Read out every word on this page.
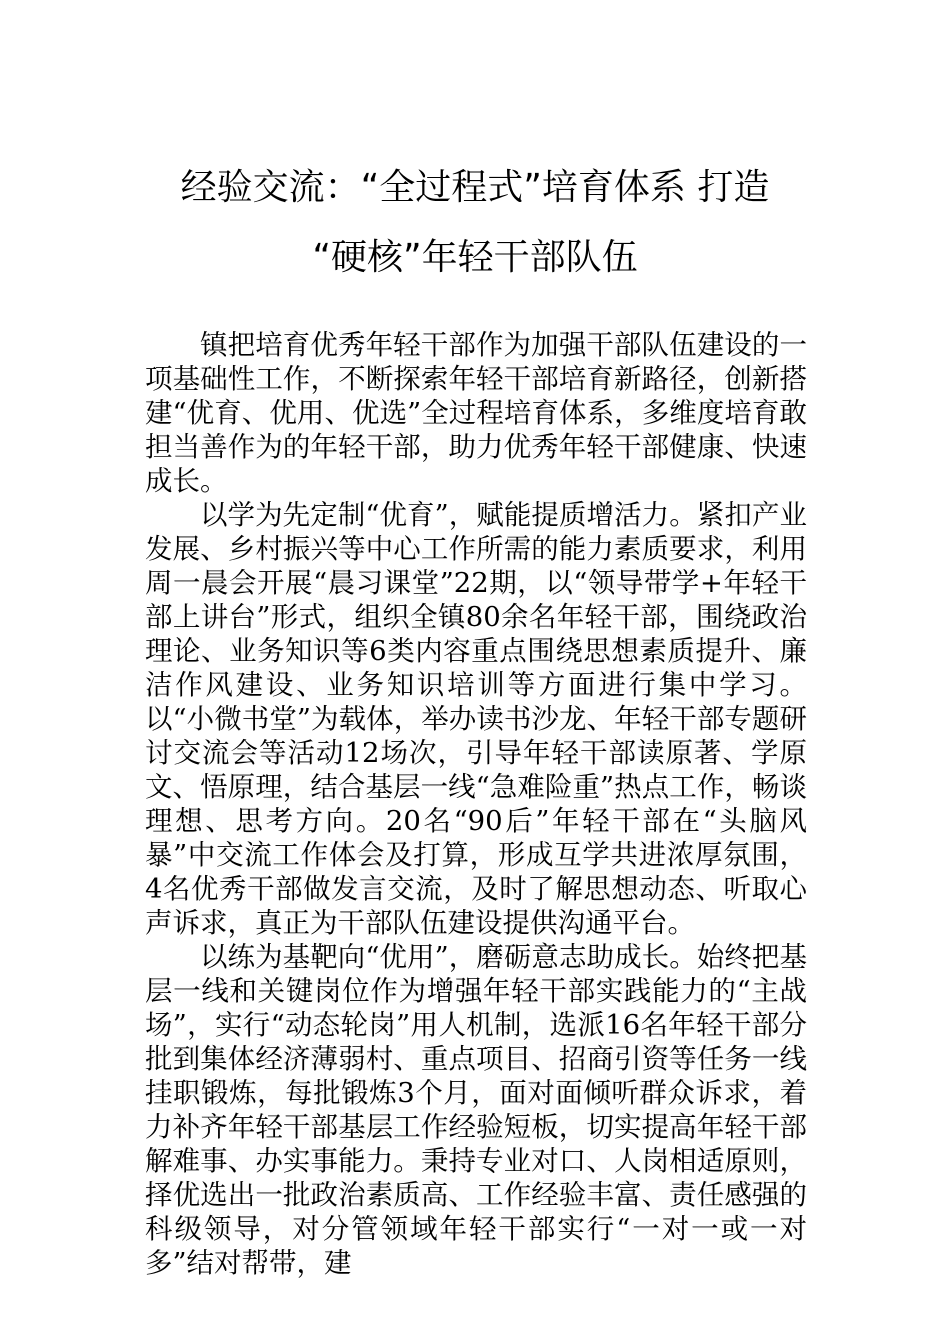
经验交流：“全过程式”培育体系 打造
“硬核”年轻干部队伍

镇把培育优秀年轻干部作为加强干部队伍建设的一项基础性工作，不断探索年轻干部培育新路径，创新搭建“优育、优用、优选”全过程培育体系，多维度培育敢担当善作为的年轻干部，助力优秀年轻干部健康、快速成长。

以学为先定制“优育”，赋能提质增活力。紧扣产业发展、乡村振兴等中心工作所需的能力素质要求，利用周一晨会开展“晨习课堂”22期，以“领导带学+年轻干部上讲台”形式，组织全镇80余名年轻干部，围绕政治理论、业务知识等6类内容重点围绕思想素质提升、廉洁作风建设、业务知识培训等方面进行集中学习。以“小微书堂”为载体，举办读书沙龙、年轻干部专题研讨交流会等活动12场次，引导年轻干部读原著、学原文、悟原理，结合基层一线“急难险重”热点工作，畅谈理想、思考方向。20名“90后”年轻干部在“头脑风暴”中交流工作体会及打算，形成互学共进浓厚氛围，4名优秀干部做发言交流，及时了解思想动态、听取心声诉求，真正为干部队伍建设提供沟通平台。

以练为基靶向“优用”，磨砺意志助成长。始终把基层一线和关键岗位作为增强年轻干部实践能力的“主战场”，实行“动态轮岗”用人机制，选派16名年轻干部分批到集体经济薄弱村、重点项目、招商引资等任务一线挂职锻炼，每批锻炼3个月，面对面倾听群众诉求，着力补齐年轻干部基层工作经验短板，切实提高年轻干部解难事、办实事能力。秉持专业对口、人岗相适原则，择优选出一批政治素质高、工作经验丰富、责任感强的科级领导，对分管领域年轻干部实行“一对一或一对多”结对帮带，建
